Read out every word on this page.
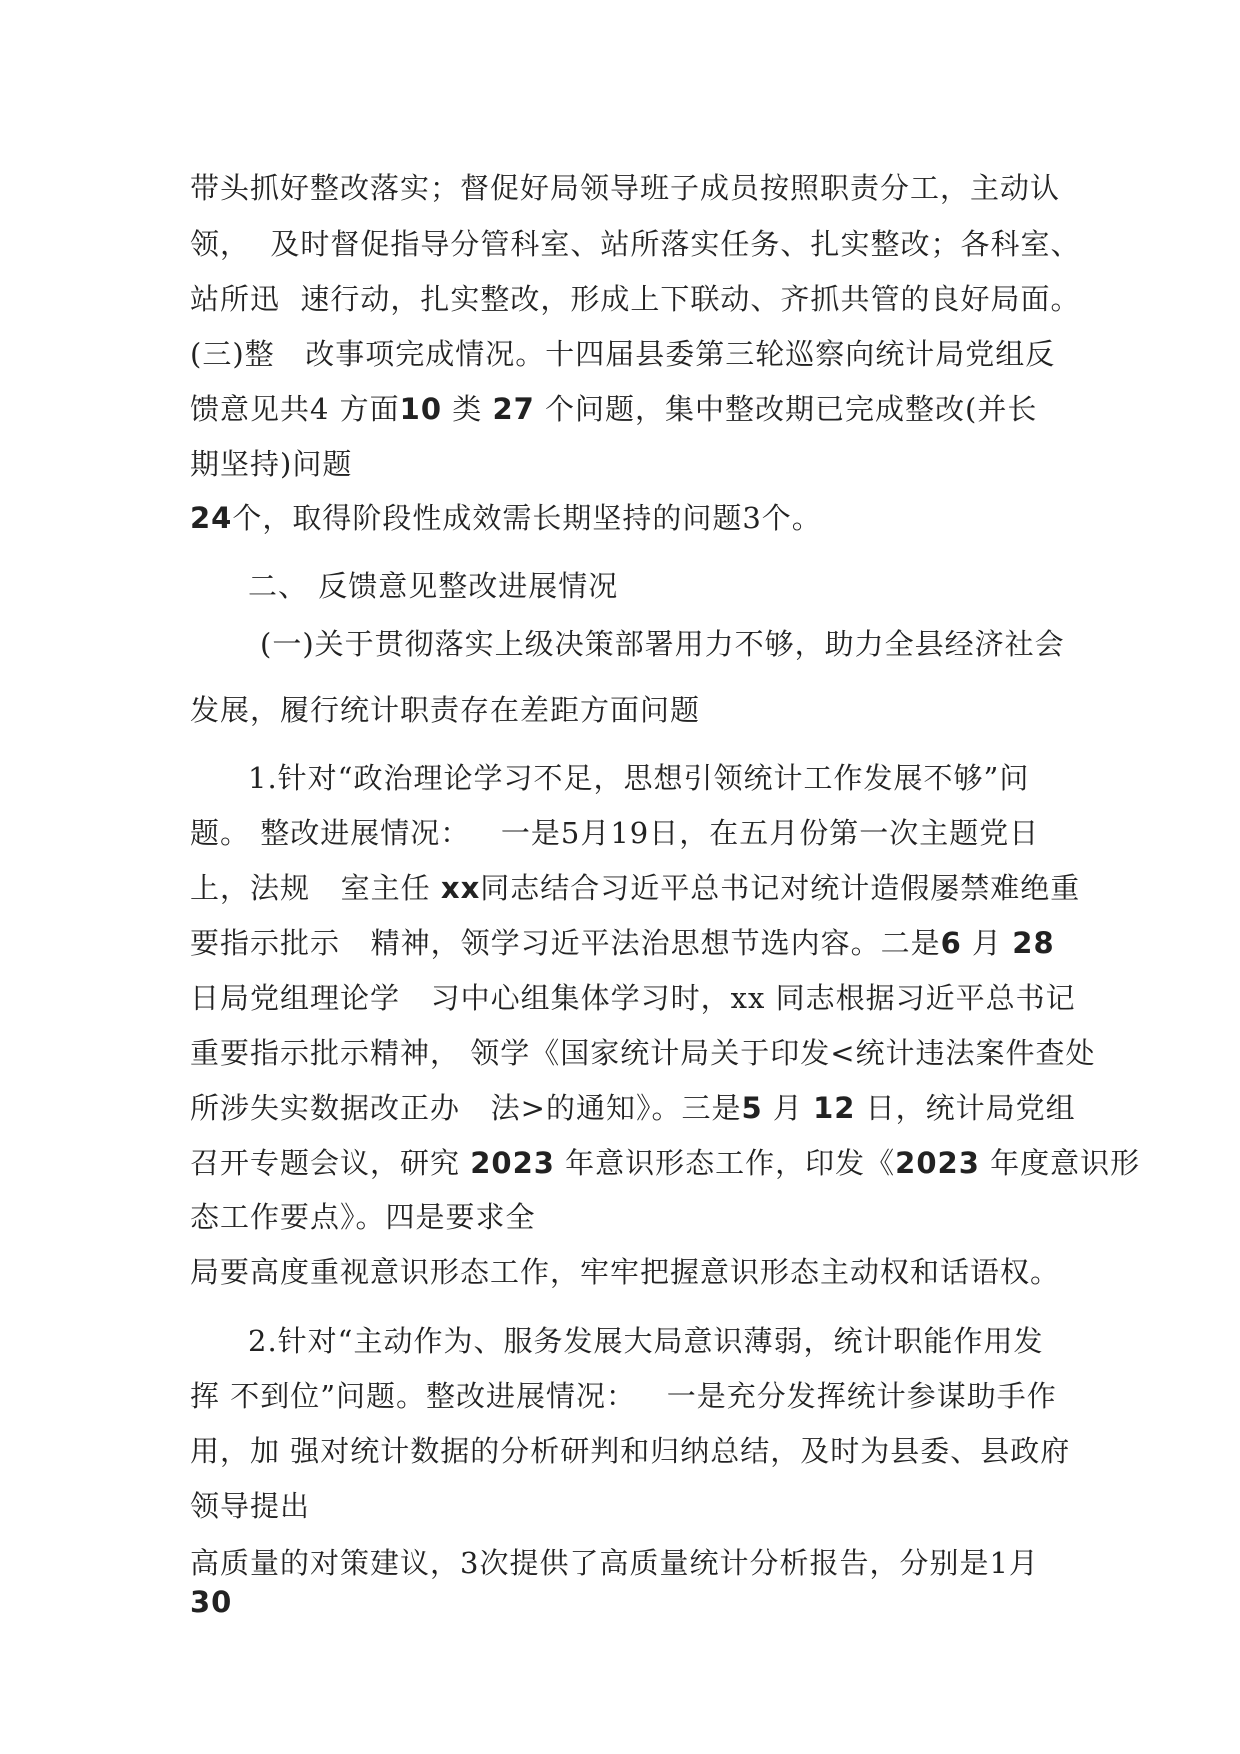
带头抓好整改落实；督促好局领导班子成员按照职责分工，主动认
领，  及时督促指导分管科室、站所落实任务、扎实整改；各科室、
站所迅  速行动，扎实整改，形成上下联动、齐抓共管的良好局面。
(三)整   改事项完成情况。十四届县委第三轮巡察向统计局党组反
馈意见共4 方面10 类 27 个问题，集中整改期已完成整改(并长
期坚持)问题
24个，取得阶段性成效需长期坚持的问题3个。
二、 反馈意见整改进展情况
(一)关于贯彻落实上级决策部署用力不够，助力全县经济社会
发展，履行统计职责存在差距方面问题
1.针对“政治理论学习不足，思想引领统计工作发展不够”问
题。 整改进展情况：   一是5月19日，在五月份第一次主题党日
上，法规   室主任 xx同志结合习近平总书记对统计造假屡禁难绝重
要指示批示   精神，领学习近平法治思想节选内容。二是6 月 28
日局党组理论学   习中心组集体学习时，xx 同志根据习近平总书记
重要指示批示精神， 领学《国家统计局关于印发<统计违法案件查处
所涉失实数据改正办   法>的通知》。三是5 月 12 日，统计局党组
召开专题会议，研究 2023 年意识形态工作，印发《2023 年度意识形
态工作要点》。四是要求全
局要高度重视意识形态工作，牢牢把握意识形态主动权和话语权。
2.针对“主动作为、服务发展大局意识薄弱，统计职能作用发
挥 不到位”问题。整改进展情况：   一是充分发挥统计参谋助手作
用，加 强对统计数据的分析研判和归纳总结，及时为县委、县政府
领导提出
高质量的对策建议，3次提供了高质量统计分析报告，分别是1月
30
